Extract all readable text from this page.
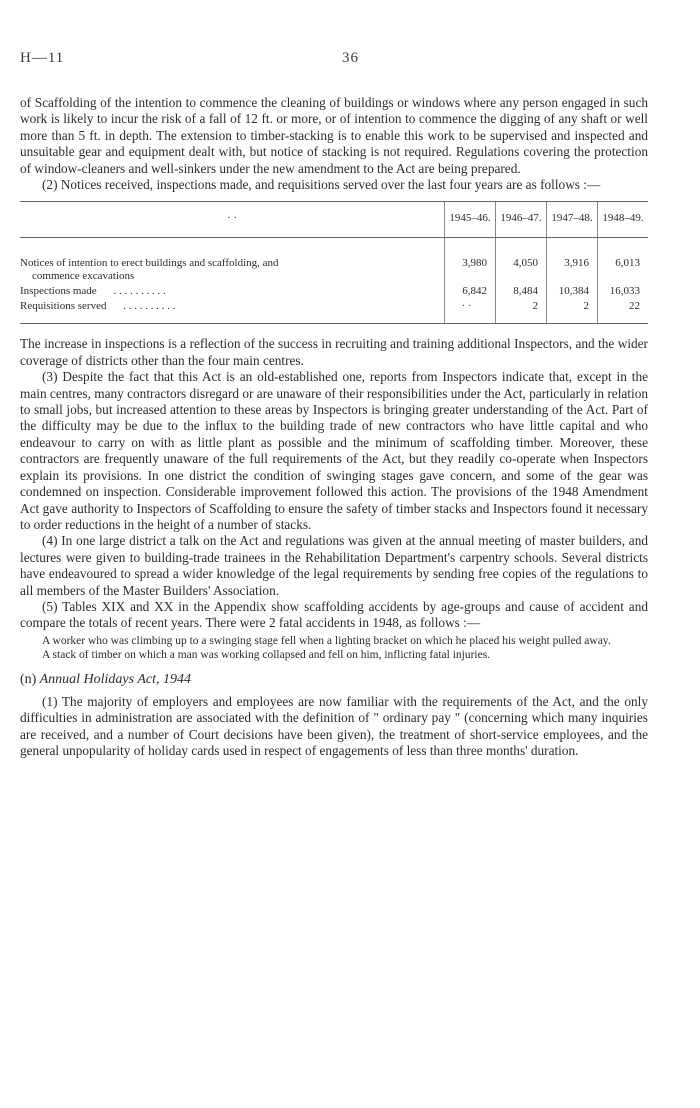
H—11	36

of Scaffolding of the intention to commence the cleaning of buildings or windows where any person engaged in such work is likely to incur the risk of a fall of 12 ft. or more, or of intention to commence the digging of any shaft or well more than 5 ft. in depth. The extension to timber-stacking is to enable this work to be supervised and inspected and unsuitable gear and equipment dealt with, but notice of stacking is not required. Regulations covering the protection of window-cleaners and well-sinkers under the new amendment to the Act are being prepared.

(2) Notices received, inspections made, and requisitions served over the last four years are as follows :—

· ·	1945–46.	1946–47.	1947–48.	1948–49.

Notices of intention to erect buildings and scaffolding, and
commence excavations	3,980	4,050	3,916	6,013
Inspections made . . . . . . . . . .	6,842	8,484	10,384	16,033
Requisitions served . . . . . . . . . .	· ·	2	2	22

The increase in inspections is a reflection of the success in recruiting and training additional Inspectors, and the wider coverage of districts other than the four main centres.

(3) Despite the fact that this Act is an old-established one, reports from Inspectors indicate that, except in the main centres, many contractors disregard or are unaware of their responsibilities under the Act, particularly in relation to small jobs, but increased attention to these areas by Inspectors is bringing greater understanding of the Act. Part of the difficulty may be due to the influx to the building trade of new contractors who have little capital and who endeavour to carry on with as little plant as possible and the minimum of scaffolding timber. Moreover, these contractors are frequently unaware of the full requirements of the Act, but they readily co-operate when Inspectors explain its provisions. In one district the condition of swinging stages gave concern, and some of the gear was condemned on inspection. Considerable improvement followed this action. The provisions of the 1948 Amendment Act gave authority to Inspectors of Scaffolding to ensure the safety of timber stacks and Inspectors found it necessary to order reductions in the height of a number of stacks.

(4) In one large district a talk on the Act and regulations was given at the annual meeting of master builders, and lectures were given to building-trade trainees in the Rehabilitation Department's carpentry schools. Several districts have endeavoured to spread a wider knowledge of the legal requirements by sending free copies of the regulations to all members of the Master Builders' Association.

(5) Tables XIX and XX in the Appendix show scaffolding accidents by age-groups and cause of accident and compare the totals of recent years. There were 2 fatal accidents in 1948, as follows :—

A worker who was climbing up to a swinging stage fell when a lighting bracket on which he placed his weight pulled away.

A stack of timber on which a man was working collapsed and fell on him, inflicting fatal injuries.

(n) Annual Holidays Act, 1944

(1) The majority of employers and employees are now familiar with the requirements of the Act, and the only difficulties in administration are associated with the definition of " ordinary pay " (concerning which many inquiries are received, and a number of Court decisions have been given), the treatment of short-service employees, and the general unpopularity of holiday cards used in respect of engagements of less than three months' duration.
